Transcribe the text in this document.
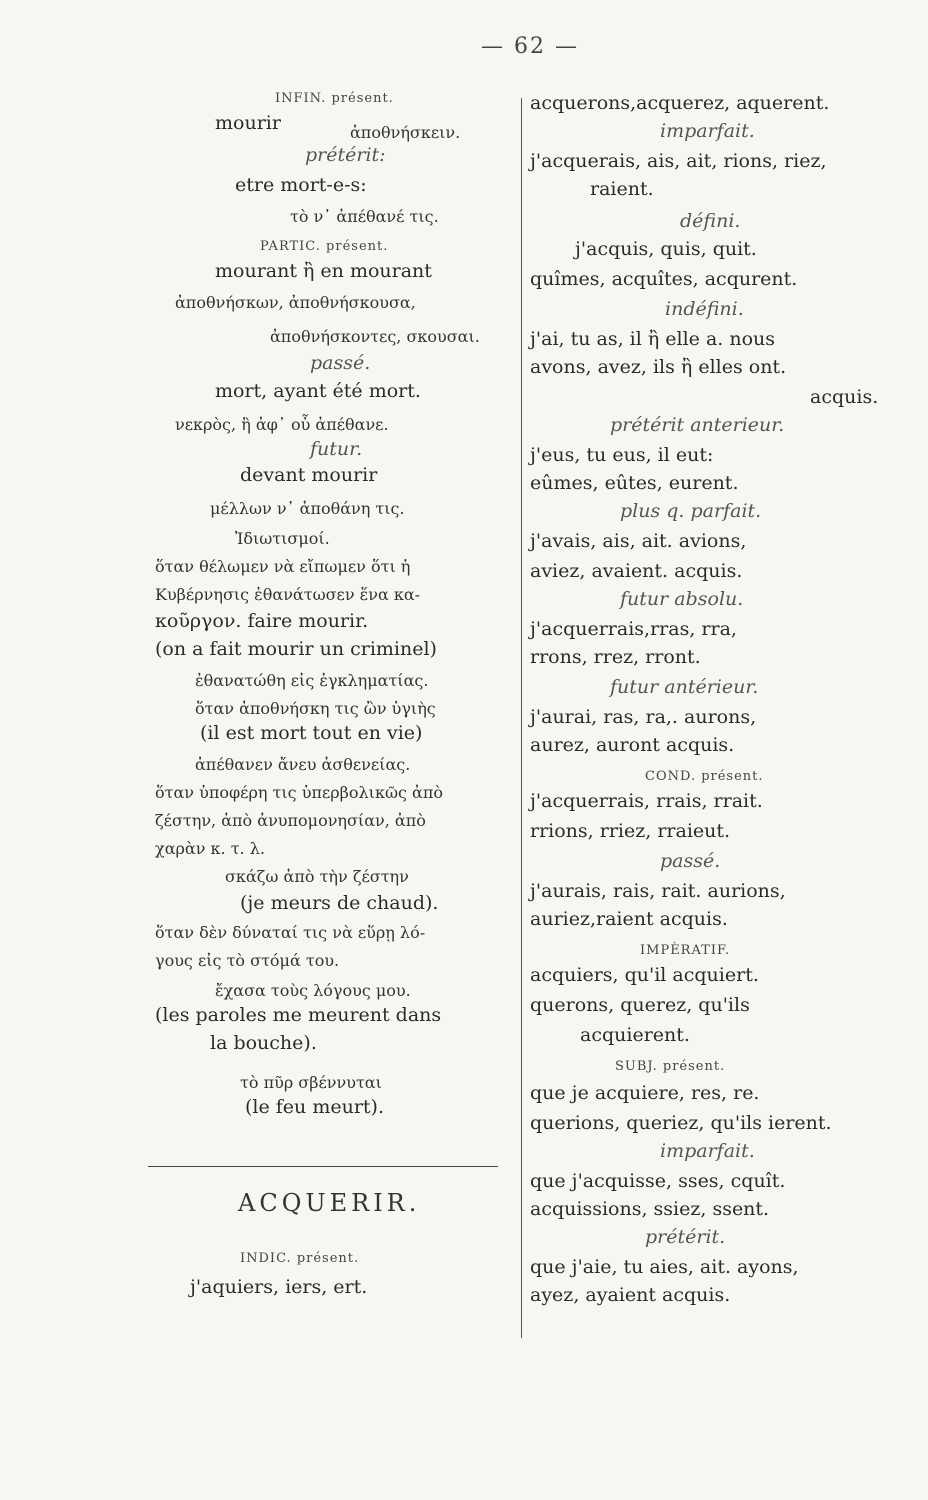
— 62 —
INFIN. présent.
mourir	ἀποθνήσκειν.
prétérit:
etre mort-e-s:
τὸ ν᾽ ἀπέθανέ τις.
PARTIC. présent.
mourant ἢ en mourant
ἀποθνήσκων, ἀποθνήσκουσα,
ἀποθνήσκοντες, σκουσαι.
passé.
mort, ayant été mort.
νεκρὸς, ἢ ἀφ᾽ οὗ ἀπέθανε.
futur.
devant mourir
μέλλων ν᾽ ἀποθάνη τις.
Ἰδιωτισμοί.
ὅταν θέλωμεν νὰ εἴπωμεν ὅτι ἡ
Κυβέρνησις ἐθανάτωσεν ἕνα κα-
κοῦργον. faire mourir.
(on a fait mourir un criminel)
ἐθανατώθη εἰς ἐγκληματίας.
ὅταν ἀποθνήσκη τις ὢν ὑγιὴς
(il est mort tout en vie)
ἀπέθανεν ἄνευ ἀσθενείας.
ὅταν ὑποφέρη τις ὑπερβολικῶς ἀπὸ
ζέστην, ἀπὸ ἀνυπομονησίαν, ἀπὸ
χαρὰν κ. τ. λ.
σκάζω ἀπὸ τὴν ζέστην
(je meurs de chaud).
ὅταν δὲν δύναταί τις νὰ εὕρῃ λό-
γους εἰς τὸ στόμά του.
ἔχασα τοὺς λόγους μου.
(les paroles me meurent dans
la bouche).
τὸ πῦρ σβέννυται
(le feu meurt).
ACQUERIR.
INDIC. présent.
j'aquiers, iers, ert.
acquerons,acquerez, aquerent.
imparfait.
j'acquerais, ais, ait, rions, riez,
raient.
défini.
j'acquis, quis, quit.
quîmes, acquîtes, acqurent.
indéfini.
j'ai, tu as, il ἢ elle a. nous
avons, avez, ils ἢ elles ont.
acquis.
prétérit anterieur.
j'eus, tu eus, il eut:
eûmes, eûtes, eurent.
plus q. parfait.
j'avais, ais, ait. avions,
aviez, avaient. acquis.
futur absolu.
j'acquerrais,rras, rra,
rrons, rrez, rront.
futur antérieur.
j'aurai, ras, ra,. aurons,
aurez, auront acquis.
COND. présent.
j'acquerrais, rrais, rrait.
rrions, rriez, rraieut.
passé.
j'aurais, rais, rait. aurions,
auriez,raient acquis.
IMPÈRATIF.
acquiers, qu'il acquiert.
querons, querez, qu'ils
acquierent.
SUBJ. présent.
que je acquiere, res, re.
querions, queriez, qu'ils ierent.
imparfait.
que j'acquisse, sses, cquît.
acquissions, ssiez, ssent.
prétérit.
que j'aie, tu aies, ait. ayons,
ayez, ayaient acquis.
